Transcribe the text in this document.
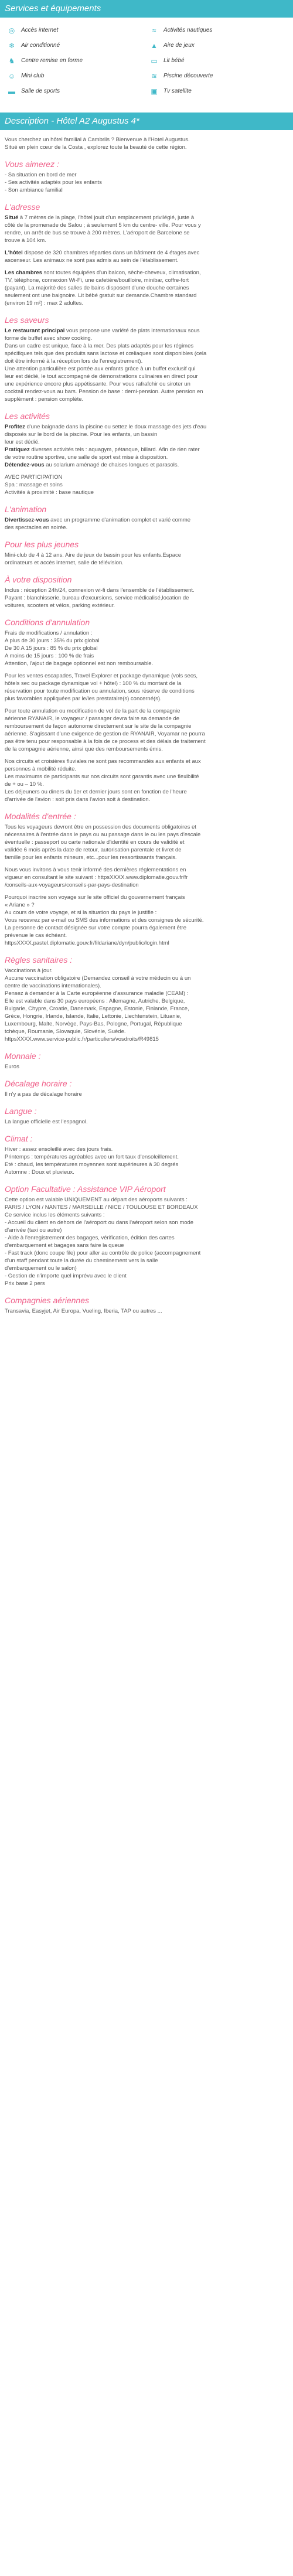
Services et équipements
◎ Accès internet	≈	Activités nautiques
❄ Air conditionné	▲ Aire de jeux
♞ Centre remise en forme	▭ Lit bébé
☺ Mini club	≋ Piscine découverte
▬ Salle de sports	▣ Tv satellite
Description - Hôtel A2 Augustus 4*
Vous cherchez un hôtel familial à Cambrils ? Bienvenue à l'Hotel Augustus.
Situé en plein cœur de la Costa , explorez toute la beauté de cette région.
Vous aimerez :
- Sa situation en bord de mer
- Ses activités adaptés pour les enfants
- Son ambiance familial
L'adresse
Situé à 7 mètres de la plage, l'hôtel jouit d'un emplacement privilégié, juste à
côté de la promenade de Salou ; à seulement 5 km du centre- ville. Pour vous y
rendre, un arrêt de bus se trouve à 200 mètres. L'aéroport de Barcelone se
trouve à 104 km.
L'hôtel dispose de 320 chambres réparties dans un bâtiment de 4 étages avec
ascenseur. Les animaux ne sont pas admis au sein de l'établissement.
Les chambres sont toutes équipées d'un balcon, sèche-cheveux, climatisation,
TV, téléphone, connexion Wi-Fi, une cafetière/bouilloire, minibar, coffre-fort
(payant). La majorité des salles de bains disposent d'une douche certaines
seulement ont une baignoire. Lit bébé gratuit sur demande.Chambre standard
(environ 19 m²) : max 2 adultes.
Les saveurs
Le restaurant principal vous propose une variété de plats internationaux sous
forme de buffet avec show cooking.
Dans un cadre est unique, face à la mer. Des plats adaptés pour les régimes
spécifiques tels que des produits sans lactose et cœliaques sont disponibles (cela
doit être informé à la réception lors de l'enregistrement).
Une attention particulière est portée aux enfants grâce à un buffet exclusif qui
leur est dédié, le tout accompagné de démonstrations culinaires en direct pour
une expérience encore plus appétissante. Pour vous rafraîchir ou siroter un
cocktail rendez-vous au bars. Pension de base : demi-pension. Autre pension en
supplément : pension complète.
Les activités
Profitez d'une baignade dans la piscine ou settez le doux massage des jets d'eau
disposés sur le bord de la piscine. Pour les enfants, un bassin
leur est dédié.
Pratiquez diverses activités tels : aquagym, pétanque, billard. Afin de rien rater
de votre routine sportive, une salle de sport est mise à disposition.
Détendez-vous au solarium aménagé de chaises longues et parasols.
AVEC PARTICIPATION
Spa : massage et soins
Activités à proximité : base nautique
L'animation
Divertissez-vous avec un programme d'animation complet et varié comme
des spectacles en soirée.
Pour les plus jeunes
Mini-club de 4 à 12 ans. Aire de jeux de bassin pour les enfants.Espace
ordinateurs et accès internet, salle de télévision.
À votre disposition
Inclus : réception 24h/24, connexion wi-fi dans l'ensemble de l'établissement.
Payant : blanchisserie, bureau d'excursions, service médicalisé,location de
voitures, scooters et vélos, parking extérieur.
Conditions d'annulation
Frais de modifications / annulation :
A plus de 30 jours : 35% du prix global
De 30 A 15 jours : 85 % du prix global
A moins de 15 jours : 100 % de frais
Attention, l'ajout de bagage optionnel est non remboursable.
Pour les ventes escapades, Travel Explorer et package dynamique (vols secs,
hôtels sec ou package dynamique vol + hôtel) : 100 % du montant de la
réservation pour toute modification ou annulation, sous réserve de conditions
plus favorables appliquées par le/les prestataire(s) concerné(s).
Pour toute annulation ou modification de vol de la part de la compagnie
aérienne RYANAIR, le voyageur / passager devra faire sa demande de
remboursement de façon autonome directement sur le site de la compagnie
aérienne. S'agissant d'une exigence de gestion de RYANAIR, Voyamar ne pourra
pas être tenu pour responsable à la fois de ce process et des délais de traitement
de la compagnie aérienne, ainsi que des remboursements émis.
Nos circuits et croisières fluviales ne sont pas recommandés aux enfants et aux
personnes à mobilité réduite.
Les maximums de participants sur nos circuits sont garantis avec une flexibilité
de + ou – 10 %.
Les déjeuners ou diners du 1er et dernier jours sont en fonction de l'heure
d'arrivée de l'avion : soit pris dans l'avion soit à destination.
Modalités d'entrée :
Tous les voyageurs devront être en possession des documents obligatoires et
nécessaires à l'entrée dans le pays ou au passage dans le ou les pays d'escale
éventuelle : passeport ou carte nationale d'identité en cours de validité et
validée 6 mois après la date de retour, autorisation parentale et livret de
famille pour les enfants mineurs, etc...pour les ressortissants français.
Nous vous invitons à vous tenir informé des dernières réglementations en
vigueur en consultant le site suivant : httpsXXXX.www.diplomatie.gouv.fr/fr
/conseils-aux-voyageurs/conseils-par-pays-destination
Pourquoi inscrire son voyage sur le site officiel du gouvernement français
« Ariane » ?
Au cours de votre voyage, et si la situation du pays le justifie :
Vous recevrez par e-mail ou SMS des informations et des consignes de sécurité.
La personne de contact désignée sur votre compte pourra également être
prévenue le cas échéant.
httpsXXXX.pastel.diplomatie.gouv.fr/fildariane/dyn/public/login.html
Règles sanitaires :
Vaccinations à jour.
Aucune vaccination obligatoire (Demandez conseil à votre médecin ou à un
centre de vaccinations internationales).
Pensez à demander à la Carte européenne d'assurance maladie (CEAM) :
Elle est valable dans 30 pays européens : Allemagne, Autriche, Belgique,
Bulgarie, Chypre, Croatie, Danemark, Espagne, Estonie, Finlande, France,
Grèce, Hongrie, Irlande, Islande, Italie, Lettonie, Liechtenstein, Lituanie,
Luxembourg, Malte, Norvège, Pays-Bas, Pologne, Portugal, République
tchèque, Roumanie, Slovaquie, Slovénie, Suède.
httpsXXXX.www.service-public.fr/particuliers/vosdroits/R49815
Monnaie :
Euros
Décalage horaire :
Il n'y a pas de décalage horaire
Langue :
La langue officielle est l'espagnol.
Climat :
Hiver : assez ensoleillé avec des jours frais.
Printemps : températures agréables avec un fort taux d'ensoleillement.
Eté : chaud, les températures moyennes sont supérieures à 30 degrés
Automne : Doux et pluvieux.
Option Facultative : Assistance VIP Aéroport
Cette option est valable UNIQUEMENT au départ des aéroports suivants :
PARIS / LYON / NANTES / MARSEILLE / NICE / TOULOUSE ET BORDEAUX
Ce service inclus les éléments suivants :
- Accueil du client en dehors de l'aéroport ou dans l'aéroport selon son mode
d'arrivée (taxi ou autre)
- Aide à l'enregistrement des bagages, vérification, édition des cartes
d'embarquement et bagages sans faire la queue
- Fast track (donc coupe file) pour aller au contrôle de police (accompagnement
d'un staff pendant toute la durée du cheminement vers la salle
d'embarquement ou le salon)
- Gestion de n'importe quel imprévu avec le client
Prix base 2 pers
Compagnies aériennes
Transavia, Easyjet, Air Europa, Vueling, Iberia, TAP ou autres ...
